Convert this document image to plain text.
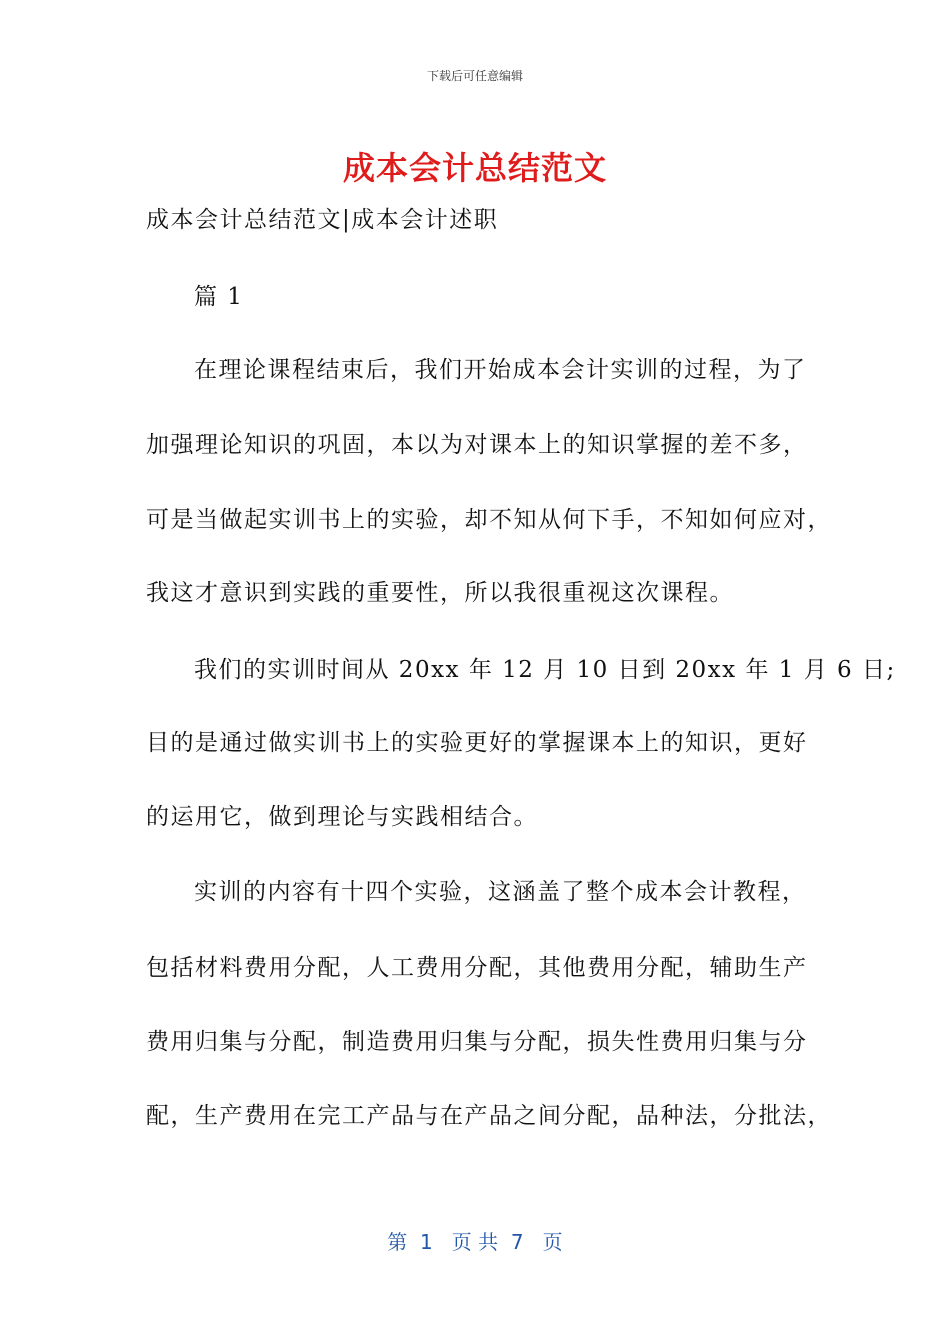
下载后可任意编辑
成本会计总结范文
成本会计总结范文|成本会计述职
篇 1
在理论课程结束后，我们开始成本会计实训的过程，为了
加强理论知识的巩固，本以为对课本上的知识掌握的差不多，
可是当做起实训书上的实验，却不知从何下手，不知如何应对，
我这才意识到实践的重要性，所以我很重视这次课程。
我们的实训时间从 20xx 年 12 月 10 日到 20xx 年 1 月 6 日;
目的是通过做实训书上的实验更好的掌握课本上的知识，更好
的运用它，做到理论与实践相结合。
实训的内容有十四个实验，这涵盖了整个成本会计教程，
包括材料费用分配，人工费用分配，其他费用分配，辅助生产
费用归集与分配，制造费用归集与分配，损失性费用归集与分
配，生产费用在完工产品与在产品之间分配，品种法，分批法，
第  1   页 共  7   页
